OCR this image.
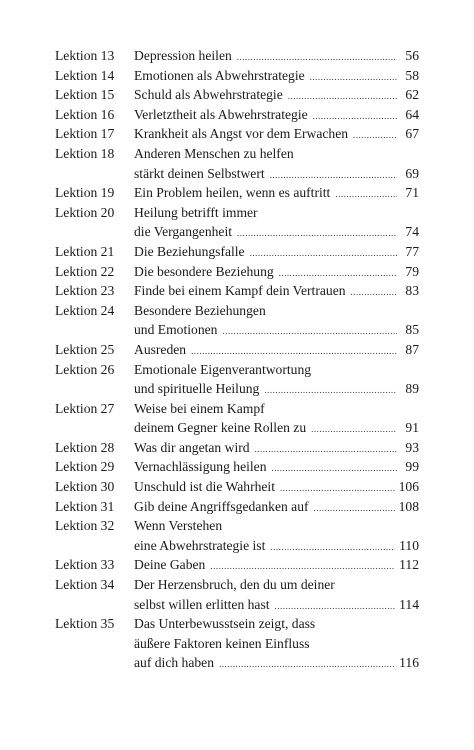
Lektion 13 Depression heilen .....	56
Lektion 14 Emotionen als Abwehrstrategie .....	58
Lektion 15 Schuld als Abwehrstrategie .....	62
Lektion 16 Verletztheit als Abwehrstrategie .....	64
Lektion 17 Krankheit als Angst vor dem Erwachen .....	67
Lektion 18 Anderen Menschen zu helfen
stärkt deinen Selbstwert .....	69
Lektion 19 Ein Problem heilen, wenn es auftritt .....	71
Lektion 20 Heilung betrifft immer
die Vergangenheit .....	74
Lektion 21 Die Beziehungsfalle .....	77
Lektion 22 Die besondere Beziehung .....	79
Lektion 23 Finde bei einem Kampf dein Vertrauen .....	83
Lektion 24 Besondere Beziehungen
und Emotionen .....	85
Lektion 25 Ausreden .....	87
Lektion 26 Emotionale Eigenverantwortung
und spirituelle Heilung .....	89
Lektion 27 Weise bei einem Kampf
deinem Gegner keine Rollen zu .....	91
Lektion 28 Was dir angetan wird .....	93
Lektion 29 Vernachlässigung heilen .....	99
Lektion 30 Unschuld ist die Wahrheit .....	106
Lektion 31 Gib deine Angriffsgedanken auf .....	108
Lektion 32 Wenn Verstehen
eine Abwehrstrategie ist .....	110
Lektion 33 Deine Gaben .....	112
Lektion 34 Der Herzensbruch, den du um deiner
selbst willen erlitten hast .....	114
Lektion 35 Das Unterbewusstsein zeigt, dass
äußere Faktoren keinen Einfluss
auf dich haben .....	116
